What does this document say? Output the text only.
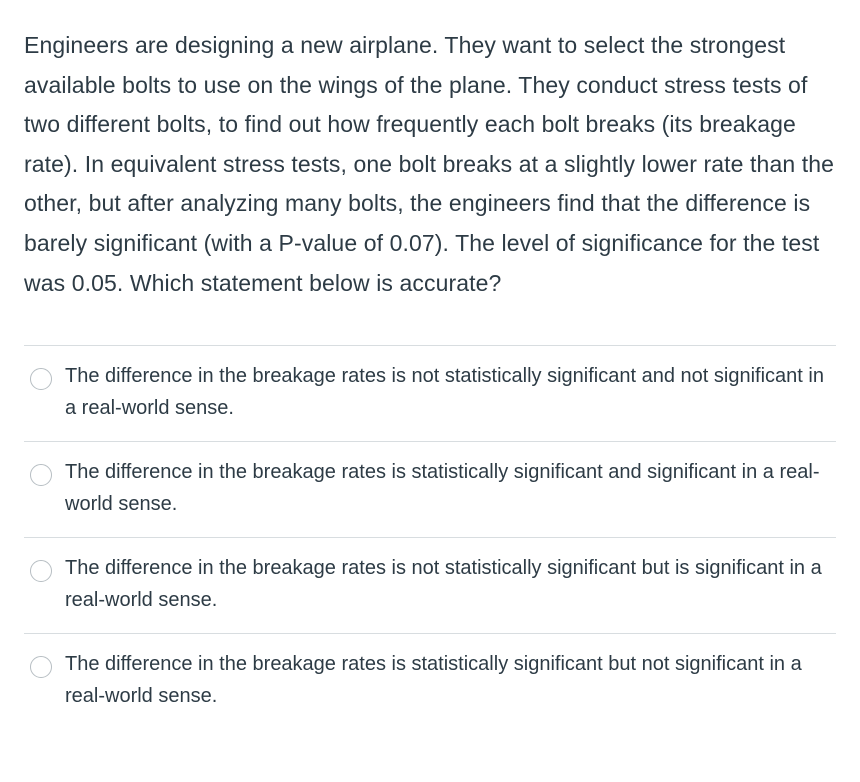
Engineers are designing a new airplane. They want to select the strongest available bolts to use on the wings of the plane. They conduct stress tests of two different bolts, to find out how frequently each bolt breaks (its breakage rate). In equivalent stress tests, one bolt breaks at a slightly lower rate than the other, but after analyzing many bolts, the engineers find that the difference is barely significant (with a P-value of 0.07). The level of significance for the test was 0.05. Which statement below is accurate?

The difference in the breakage rates is not statistically significant and not significant in a real-world sense.
The difference in the breakage rates is statistically significant and significant in a real-world sense.
The difference in the breakage rates is not statistically significant but is significant in a real-world sense.
The difference in the breakage rates is statistically significant but not significant in a real-world sense.
